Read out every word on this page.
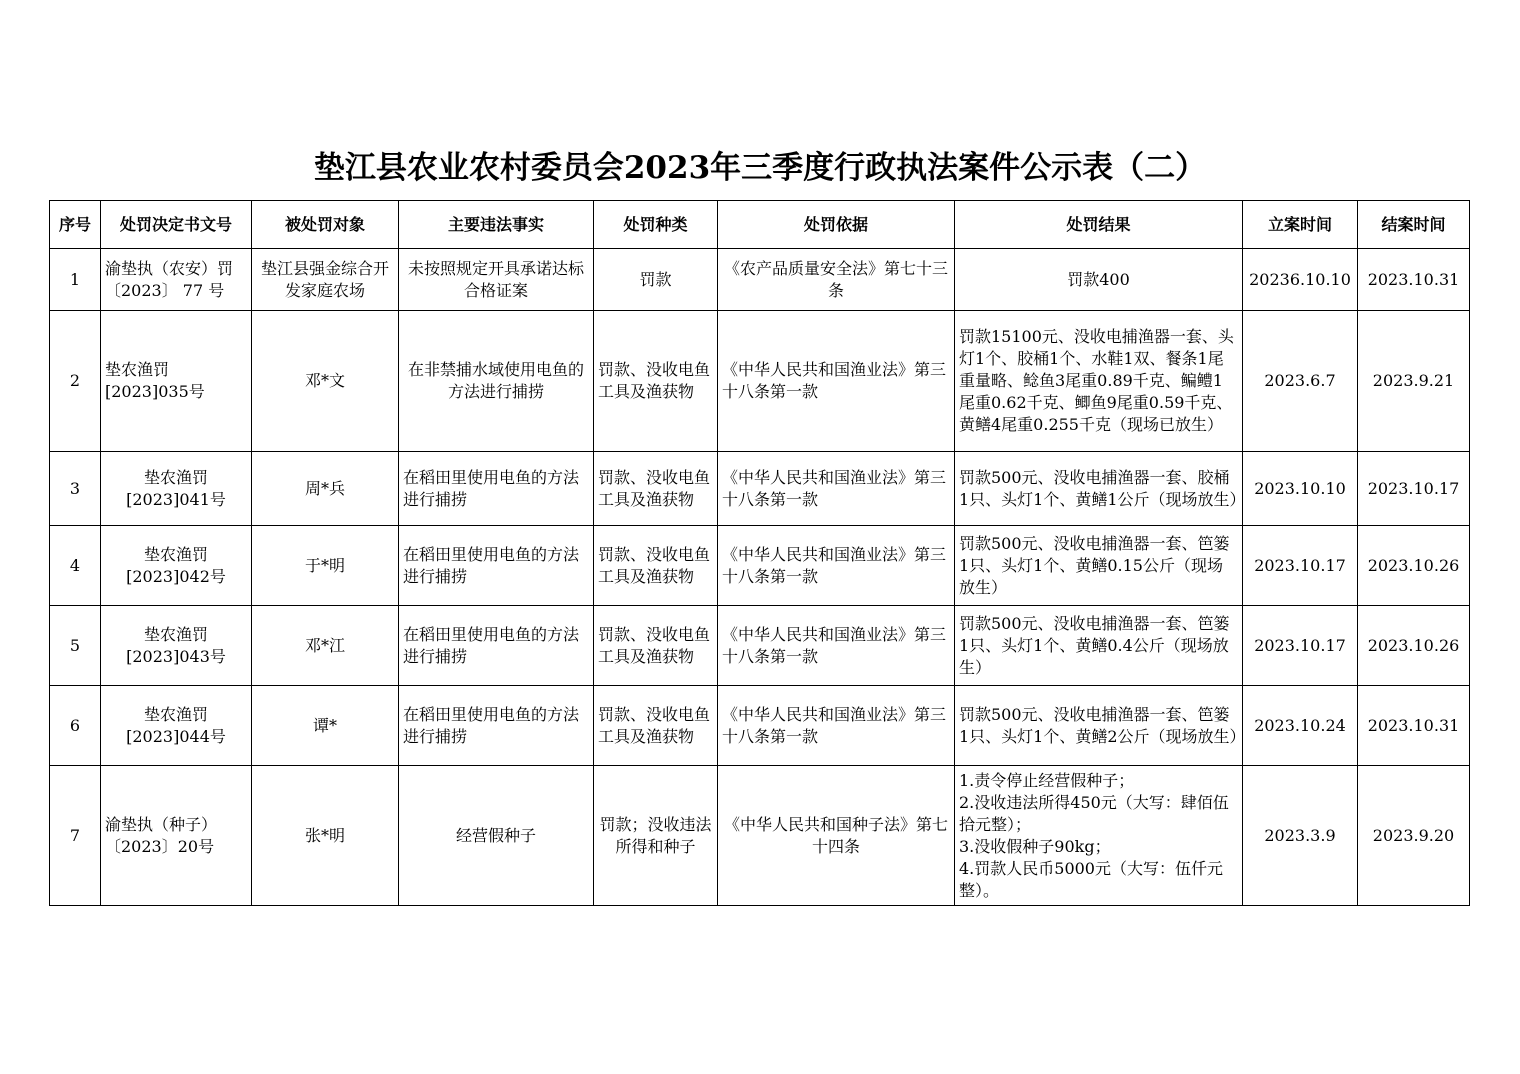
垫江县农业农村委员会2023年三季度行政执法案件公示表（二）
序号	处罚决定书文号	被处罚对象	主要违法事实	处罚种类	处罚依据	处罚结果	立案时间	结案时间
1	渝垫执（农安）罚〔2023〕 77 号	垫江县强金综合开发家庭农场	未按照规定开具承诺达标合格证案	罚款	《农产品质量安全法》第七十三条	罚款400	20236.10.10	2023.10.31
2	垫农渔罚[2023]035号	邓*文	在非禁捕水域使用电鱼的方法进行捕捞	罚款、没收电鱼工具及渔获物	《中华人民共和国渔业法》第三十八条第一款	罚款15100元、没收电捕渔器一套、头灯1个、胶桶1个、水鞋1双、餐条1尾重量略、鲶鱼3尾重0.89千克、鳊鳢1尾重0.62千克、鲫鱼9尾重0.59千克、黄鳝4尾重0.255千克（现场已放生）	2023.6.7	2023.9.21
3	垫农渔罚[2023]041号	周*兵	在稻田里使用电鱼的方法进行捕捞	罚款、没收电鱼工具及渔获物	《中华人民共和国渔业法》第三十八条第一款	罚款500元、没收电捕渔器一套、胶桶1只、头灯1个、黄鳝1公斤（现场放生）	2023.10.10	2023.10.17
4	垫农渔罚[2023]042号	于*明	在稻田里使用电鱼的方法进行捕捞	罚款、没收电鱼工具及渔获物	《中华人民共和国渔业法》第三十八条第一款	罚款500元、没收电捕渔器一套、笆篓1只、头灯1个、黄鳝0.15公斤（现场放生）	2023.10.17	2023.10.26
5	垫农渔罚[2023]043号	邓*江	在稻田里使用电鱼的方法进行捕捞	罚款、没收电鱼工具及渔获物	《中华人民共和国渔业法》第三十八条第一款	罚款500元、没收电捕渔器一套、笆篓1只、头灯1个、黄鳝0.4公斤（现场放生）	2023.10.17	2023.10.26
6	垫农渔罚[2023]044号	谭*	在稻田里使用电鱼的方法进行捕捞	罚款、没收电鱼工具及渔获物	《中华人民共和国渔业法》第三十八条第一款	罚款500元、没收电捕渔器一套、笆篓1只、头灯1个、黄鳝2公斤（现场放生）	2023.10.24	2023.10.31
7	渝垫执（种子）〔2023〕20号	张*明	经营假种子	罚款；没收违法所得和种子	《中华人民共和国种子法》第七十四条	1.责令停止经营假种子；
2.没收违法所得450元（大写：肆佰伍拾元整）；
3.没收假种子90kg；
4.罚款人民币5000元（大写：伍仟元整）。	2023.3.9	2023.9.20
